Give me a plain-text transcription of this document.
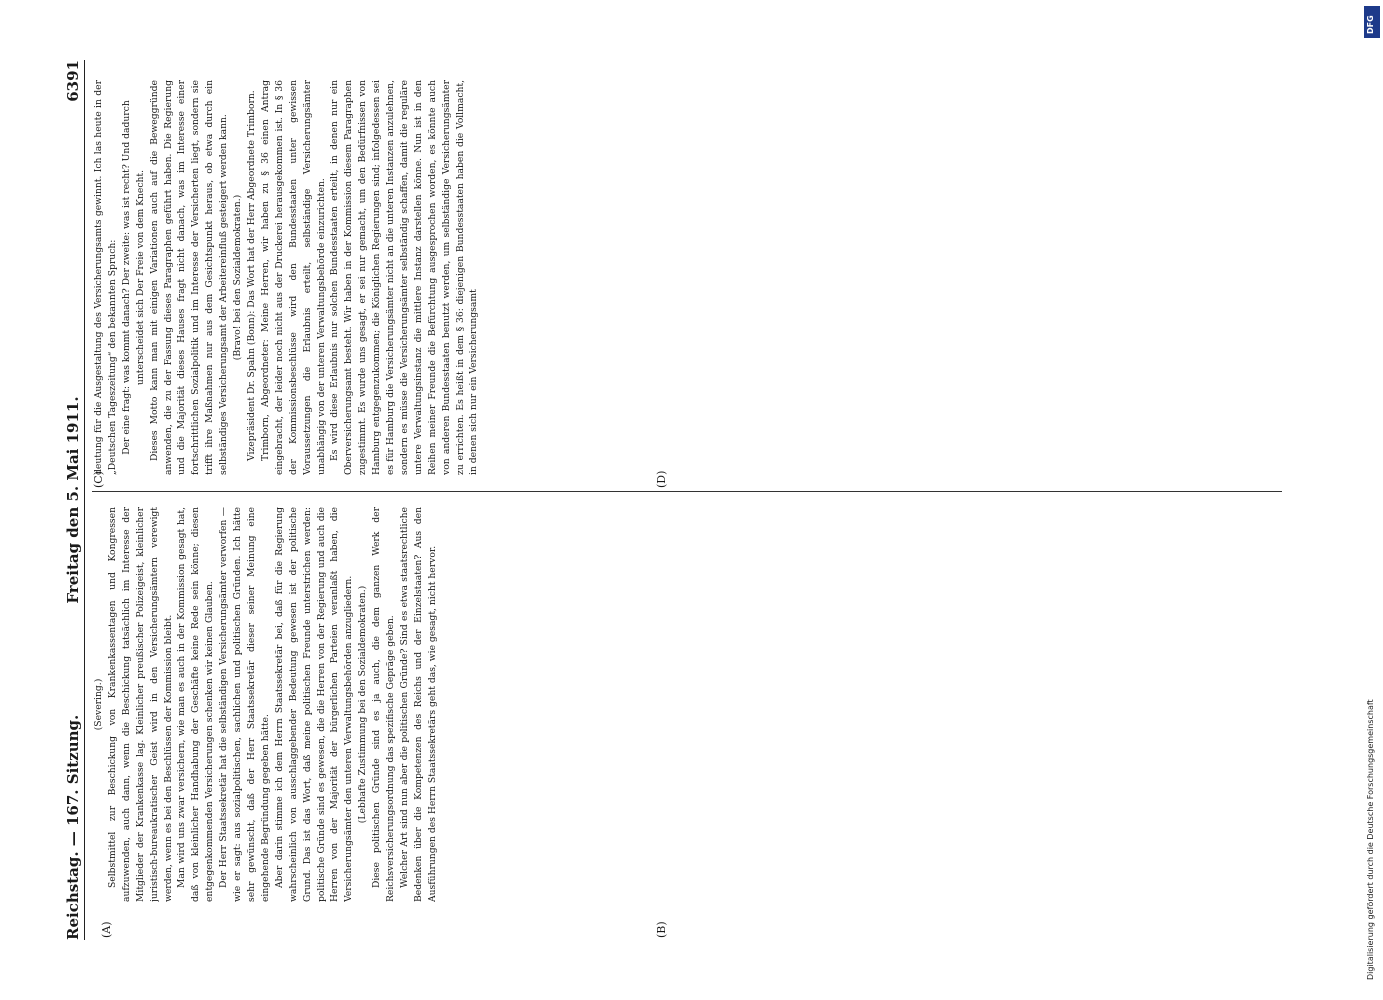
Reichstag. — 167. Sitzung.
Freitag den 5. Mai 1911.
6391
(A)	(B)
(C)	(D)

(Severing.) Selbstmittel zur Beschickung von Krankenkassentagen und Kongressen aufzuwenden, auch dann, wenn die Beschickung tatsächlich im Interesse der Mitglieder der Krankenkasse lag. Kleinlicher preußischer Polizeigeist, kleinlicher juristisch-bureaukratischer Geist wird in den Versicherungsämtern verewigt werden, wenn es bei den Beschlüssen der Kommission bleibt. Man wird uns zwar versichern, wie man es auch in der Kommission gesagt hat, daß von kleinlicher Handhabung der Geschäfte keine Rede sein könne; diesen entgegenkommenden Versicherungen schenken wir keinen Glauben. Der Herr Staatssekretär hat die selbständigen Versicherungsämter verworfen — wie er sagt: aus sozialpolitischen, sachlichen und politischen Gründen. Ich hätte sehr gewünscht, daß der Herr Staatssekretär dieser seiner Meinung eine eingehende Begründung gegeben hätte. Aber darin stimme ich dem Herrn Staatssekretär bei, daß für die Regierung wahrscheinlich von ausschlaggebender Bedeutung gewesen ist der politische Grund. Das ist das Wort, daß meine politischen Freunde unterstrichen werden: politische Gründe sind es gewesen, die die Herren von der Regierung und auch die Herren von der Majorität der bürgerlichen Parteien veranlaßt haben, die Versicherungsämter den unteren Verwaltungsbehörden anzugliedern. (Lebhafte Zustimmung bei den Sozialdemokraten.) Diese politischen Gründe sind es ja auch, die dem ganzen Werk der Reichsversicherungsordnung das spezifische Gepräge geben. Welcher Art sind nun aber die politischen Gründe? Sind es etwa staatsrechtliche Bedenken über die Kompetenzen des Reichs und der Einzelstaaten? Aus den Ausführungen des Herrn Staatssekretärs geht das, wie gesagt, nicht hervor.

deutung für die Ausgestaltung des Versicherungsamts gewinnt. Ich las heute in der „Deutschen Tageszeitung“ den bekannten Spruch: Der eine fragt: was kommt danach? Der zweite: was ist recht? Und dadurch unterscheidet sich Der Freie von dem Knecht. Dieses Motto kann man mit einigen Variationen auch auf die Beweggründe anwenden, die zu der Fassung dieses Paragraphen geführt haben. Die Regierung und die Majorität dieses Hauses fragt nicht danach, was im Interesse einer fortschrittlichen Sozialpolitik und im Interesse der Versicherten liegt, sondern sie trifft ihre Maßnahmen nur aus dem Gesichtspunkt heraus, ob etwa durch ein selbständiges Versicherungsamt der Arbeitereinfluß gesteigert werden kann. (Bravo! bei den Sozialdemokraten.) Vizepräsident Dr. Spahn (Bonn): Das Wort hat der Herr Abgeordnete Trimborn. Trimborn, Abgeordneter: Meine Herren, wir haben zu § 36 einen Antrag eingebracht, der leider noch nicht aus der Druckerei herausgekommen ist. In § 36 der Kommissionsbeschlüsse wird den Bundesstaaten unter gewissen Voraussetzungen die Erlaubnis erteilt, selbständige Versicherungsämter unabhängig von der unteren Verwaltungsbehörde einzurichten. Es wird diese Erlaubnis nur solchen Bundesstaaten erteilt, in denen nur ein Oberversicherungsamt besteht. Wir haben in der Kommission diesem Paragraphen zugestimmt. Es wurde uns gesagt, er sei nur gemacht, um den Bedürfnissen von Hamburg entgegenzukommen; die Königlichen Regierungen sind; infolgedessen sei es für Hamburg die Versicherungsämter nicht an die unteren Instanzen anzulehnen, sondern es müsse die Versicherungsämter selbständig schaffen, damit die reguläre untere Verwaltungsinstanz die mittlere Instanz darstellen könne. Nun ist in den Reihen meiner Freunde die Befürchtung ausgesprochen worden, es könnte auch von anderen Bundesstaaten benutzt werden, um selbständige Versicherungsämter zu errichten. Es heißt in dem § 36: diejenigen Bundesstaaten haben die Vollmacht, in denen sich nur ein Versicherungsamt

DFG
Digitalisierung gefördert durch die Deutsche Forschungsgemeinschaft
